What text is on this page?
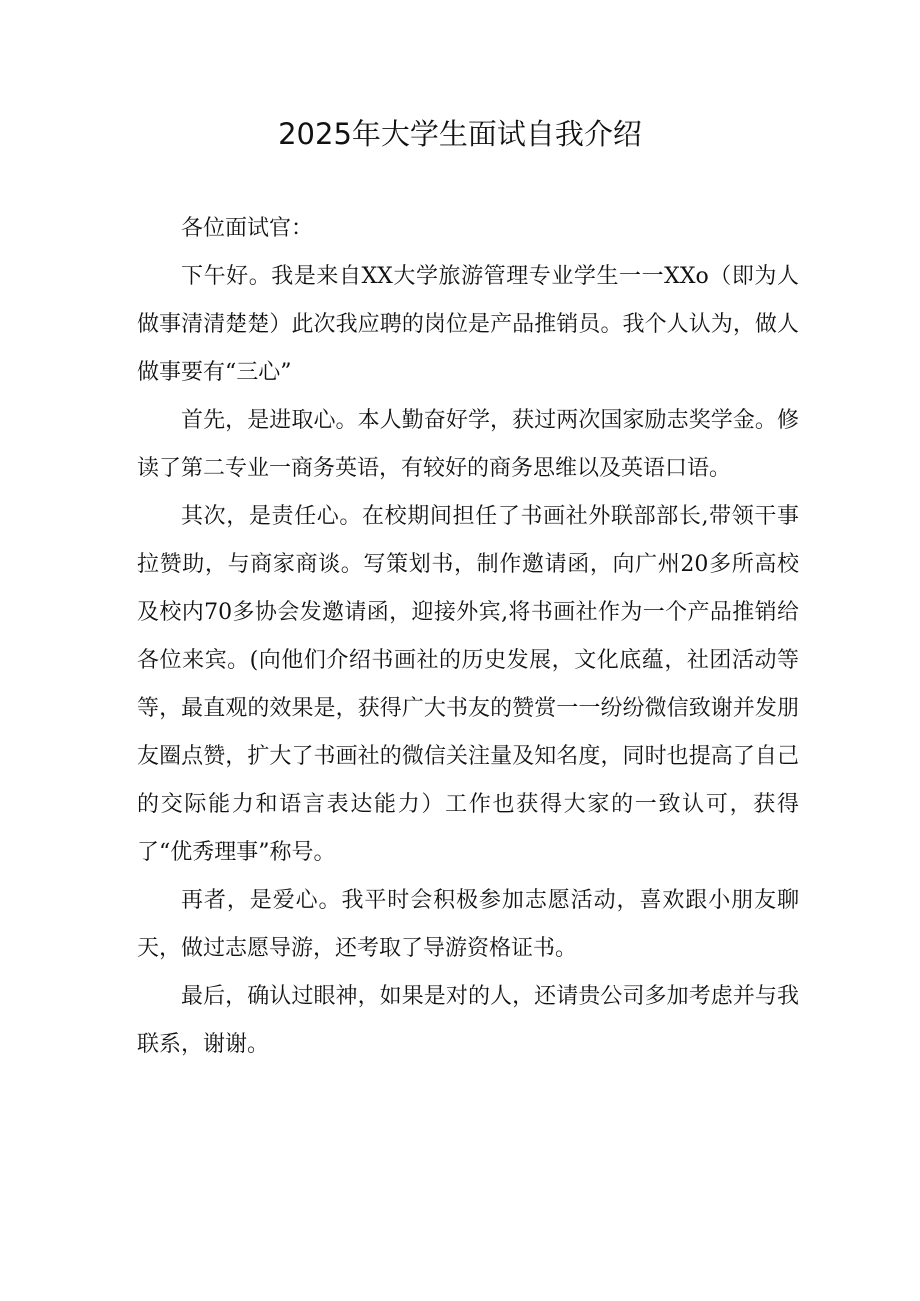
2025年大学生面试自我介绍

各位面试官：

下午好。我是来自XX大学旅游管理专业学生一一XXo（即为人做事清清楚楚）此次我应聘的岗位是产品推销员。我个人认为，做人做事要有“三心”

首先，是进取心。本人勤奋好学，获过两次国家励志奖学金。修读了第二专业一商务英语，有较好的商务思维以及英语口语。

其次，是责任心。在校期间担任了书画社外联部部长,带领干事拉赞助，与商家商谈。写策划书，制作邀请函，向广州20多所高校及校内70多协会发邀请函，迎接外宾,将书画社作为一个产品推销给各位来宾。(向他们介绍书画社的历史发展，文化底蕴，社团活动等等，最直观的效果是，获得广大书友的赞赏一一纷纷微信致谢并发朋友圈点赞，扩大了书画社的微信关注量及知名度，同时也提高了自己的交际能力和语言表达能力）工作也获得大家的一致认可，获得了“优秀理事”称号。

再者，是爱心。我平时会积极参加志愿活动，喜欢跟小朋友聊天，做过志愿导游，还考取了导游资格证书。

最后，确认过眼神，如果是对的人，还请贵公司多加考虑并与我联系，谢谢。
